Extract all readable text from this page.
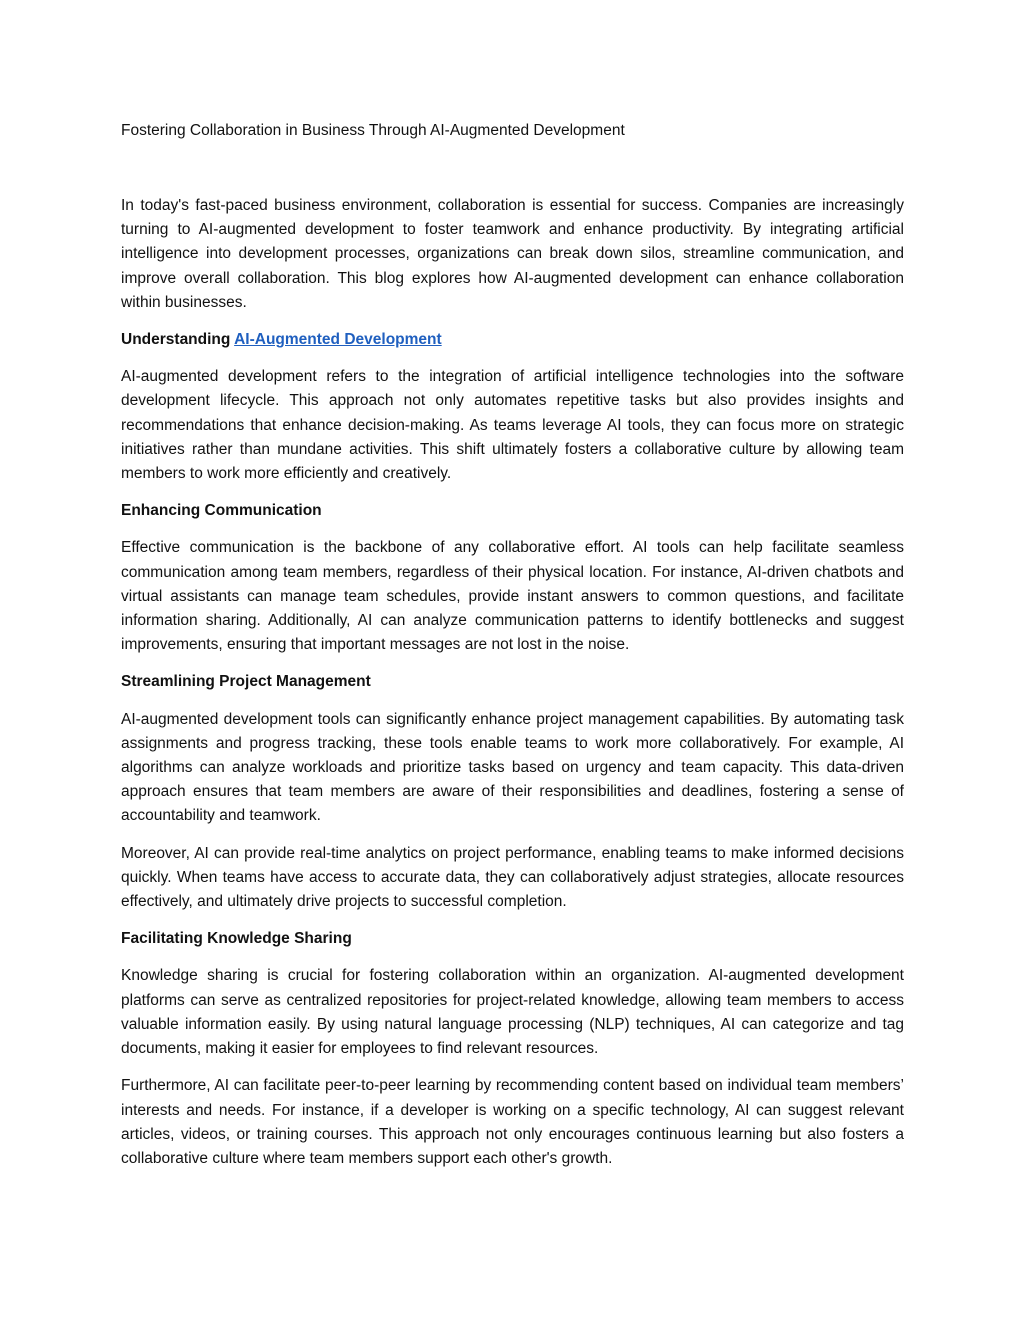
Fostering Collaboration in Business Through AI-Augmented Development

In today's fast-paced business environment, collaboration is essential for success. Companies are increasingly turning to AI-augmented development to foster teamwork and enhance productivity. By integrating artificial intelligence into development processes, organizations can break down silos, streamline communication, and improve overall collaboration. This blog explores how AI-augmented development can enhance collaboration within businesses.

Understanding AI-Augmented Development

AI-augmented development refers to the integration of artificial intelligence technologies into the software development lifecycle. This approach not only automates repetitive tasks but also provides insights and recommendations that enhance decision-making. As teams leverage AI tools, they can focus more on strategic initiatives rather than mundane activities. This shift ultimately fosters a collaborative culture by allowing team members to work more efficiently and creatively.

Enhancing Communication

Effective communication is the backbone of any collaborative effort. AI tools can help facilitate seamless communication among team members, regardless of their physical location. For instance, AI-driven chatbots and virtual assistants can manage team schedules, provide instant answers to common questions, and facilitate information sharing. Additionally, AI can analyze communication patterns to identify bottlenecks and suggest improvements, ensuring that important messages are not lost in the noise.

Streamlining Project Management

AI-augmented development tools can significantly enhance project management capabilities. By automating task assignments and progress tracking, these tools enable teams to work more collaboratively. For example, AI algorithms can analyze workloads and prioritize tasks based on urgency and team capacity. This data-driven approach ensures that team members are aware of their responsibilities and deadlines, fostering a sense of accountability and teamwork.

Moreover, AI can provide real-time analytics on project performance, enabling teams to make informed decisions quickly. When teams have access to accurate data, they can collaboratively adjust strategies, allocate resources effectively, and ultimately drive projects to successful completion.

Facilitating Knowledge Sharing

Knowledge sharing is crucial for fostering collaboration within an organization. AI-augmented development platforms can serve as centralized repositories for project-related knowledge, allowing team members to access valuable information easily. By using natural language processing (NLP) techniques, AI can categorize and tag documents, making it easier for employees to find relevant resources.

Furthermore, AI can facilitate peer-to-peer learning by recommending content based on individual team members’ interests and needs. For instance, if a developer is working on a specific technology, AI can suggest relevant articles, videos, or training courses. This approach not only encourages continuous learning but also fosters a collaborative culture where team members support each other's growth.
